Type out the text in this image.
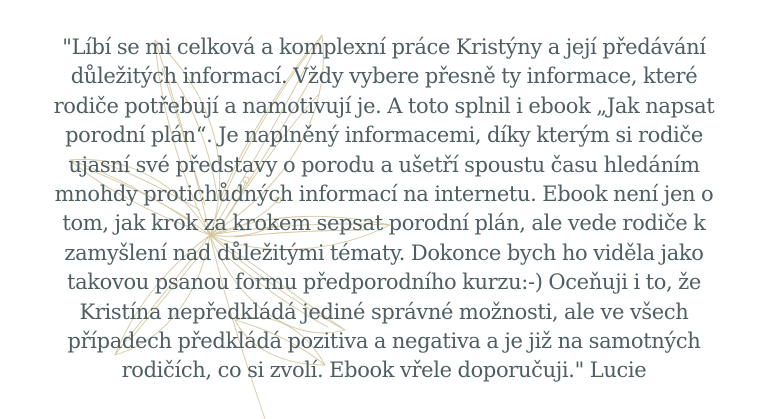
"Líbí se mi celková a komplexní práce Kristýny a její předávání
důležitých informací. Vždy vybere přesně ty informace, které
rodiče potřebují a namotivují je. A toto splnil i ebook „Jak napsat
porodní plán“. Je naplněný informacemi, díky kterým si rodiče
ujasní své představy o porodu a ušetří spoustu času hledáním
mnohdy protichůdných informací na internetu. Ebook není jen o
tom, jak krok za krokem sepsat porodní plán, ale vede rodiče k
zamyšlení nad důležitými tématy. Dokonce bych ho viděla jako
takovou psanou formu předporodního kurzu:-) Oceňuji i to, že
Kristína nepředkládá jediné správné možnosti, ale ve všech
případech předkládá pozitiva a negativa a je již na samotných
rodičích, co si zvolí. Ebook vřele doporučuji." Lucie
